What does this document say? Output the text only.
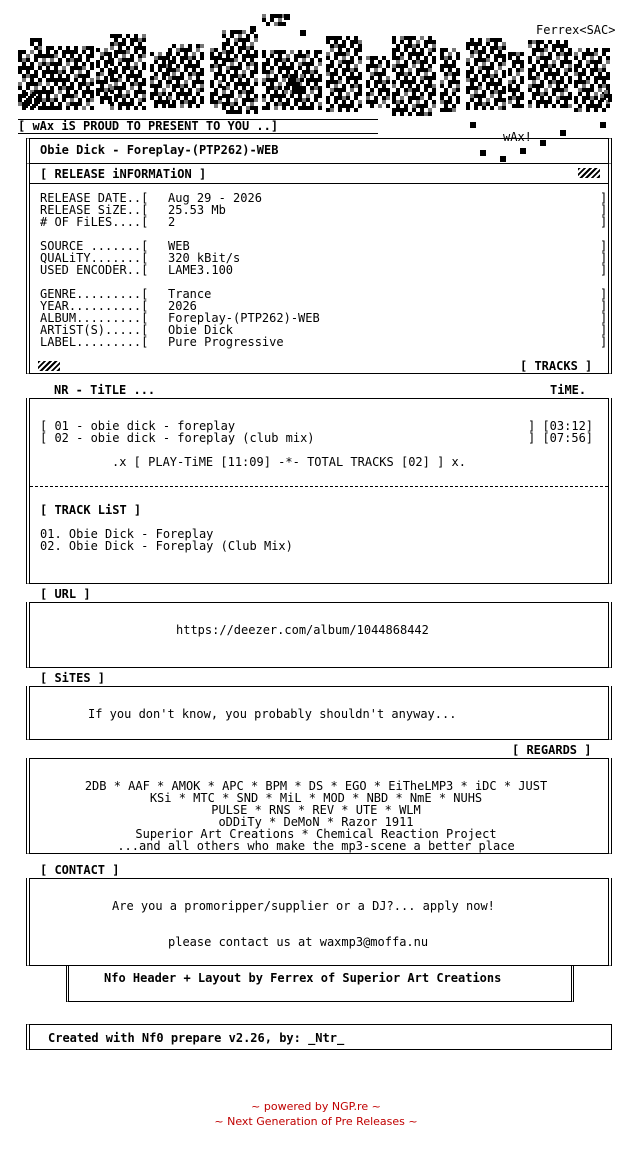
Ferrex<SAC>
[ wAx iS PROUD TO PRESENT TO YOU ..]
wAx!
Obie Dick - Foreplay-(PTP262)-WEB
[ RELEASE iNFORMATiON ]
RELEASE DATE..[ Aug 29 - 2026	]
RELEASE SiZE..[ 25.53 Mb	]
# OF FiLES....[ 2	]
SOURCE .......[ WEB	]
QUALiTY.......[ 320 kBit/s	]
USED ENCODER..[ LAME3.100	]
GENRE.........[ Trance	]
YEAR..........[ 2026	]
ALBUM.........[ Foreplay-(PTP262)-WEB	]
ARTiST(S).....[ Obie Dick	]
LABEL.........[ Pure Progressive	]
[ TRACKS ]
NR - TiTLE ...	TiME.
[ 01 - obie dick - foreplay	] [03:12]
[ 02 - obie dick - foreplay (club mix)	] [07:56]
.x [ PLAY-TiME [11:09] -*- TOTAL TRACKS [02] ] x.
[ TRACK LiST ]
01. Obie Dick - Foreplay
02. Obie Dick - Foreplay (Club Mix)
[ URL ]
https://deezer.com/album/1044868442
[ SiTES ]
If you don't know, you probably shouldn't anyway...
[ REGARDS ]
2DB * AAF * AMOK * APC * BPM * DS * EGO * EiTheLMP3 * iDC * JUST
KSi * MTC * SND * MiL * MOD * NBD * NmE * NUHS
PULSE * RNS * REV * UTE * WLM
oDDiTy * DeMoN * Razor 1911
Superior Art Creations * Chemical Reaction Project
...and all others who make the mp3-scene a better place
[ CONTACT ]
Are you a promoripper/supplier or a DJ?... apply now!
please contact us at waxmp3@moffa.nu
Nfo Header + Layout by Ferrex of Superior Art Creations
Created with Nf0 prepare v2.26, by: _Ntr_
~ powered by NGP.re ~
~ Next Generation of Pre Releases ~
